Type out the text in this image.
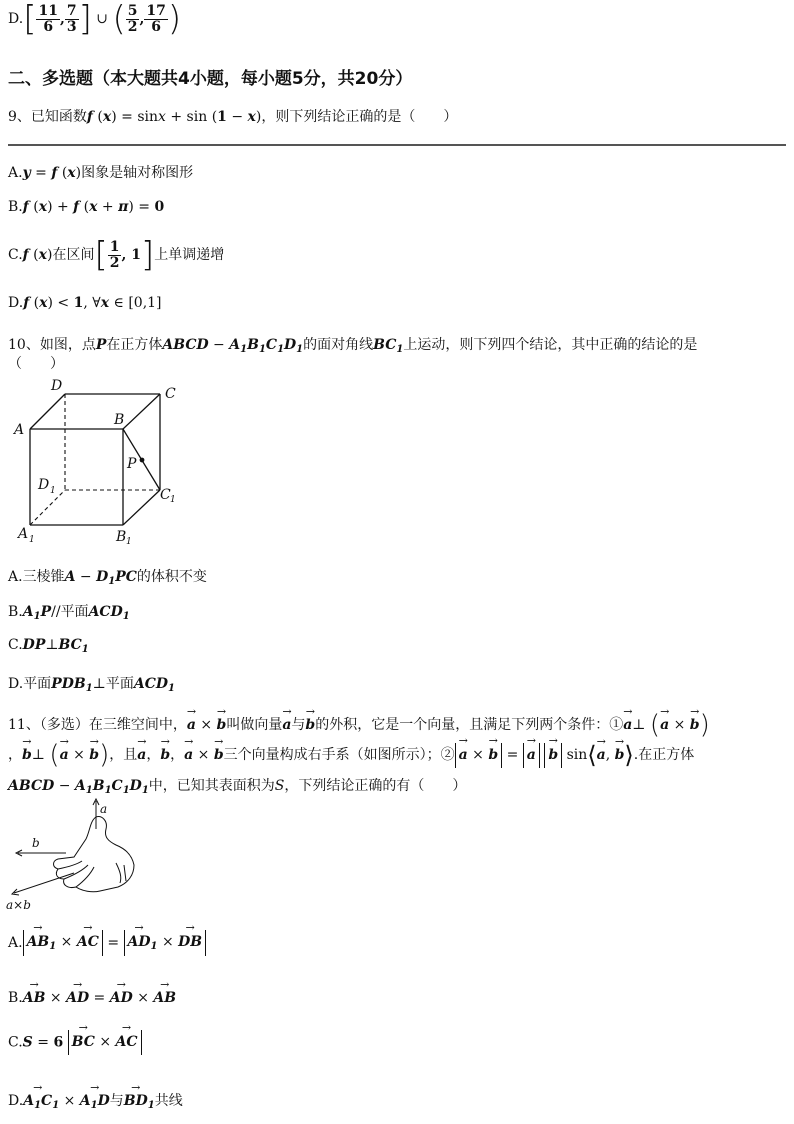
$D.[ \frac{11}{6}$ , $\frac{7}{3}$ ] ∪ ( $\frac{5}{2}$ , $\frac{17}{6}$ )
二、多选题（本大题共4小题，每小题5分，共20分）
9、已知函数f (x) = sinx + sin (1 − x)，则下列结论正确的是（　　）
A.y = f (x)图象是轴对称图形
B.f (x) + f (x + π) = 0
C.f (x)在区间[ $\frac{1}{2}$ , 1]上单调递增
D.f (x) < 1, ∀x ∈ [0,1]
10、如图，点P在正方体ABCD − $A_1B_1C_1D_1$的面对角线$BC_1$上运动，则下列四个结论，其中正确的结论的是
（　　）
D	C
A
B
P
D 1	C 1
A 1	B 1
A.三棱锥$A - D_1PC$的体积不变
$B.A_1P//$平面$ACD_1$
$C.DP\perp BC_1$
D.平面$PDB_1\perp$平面$ACD_1$
11、（多选）在三维空间中，→ a × → b叫做向量→ a与→ b的外积，它是一个向量，且满足下列两个条件：①→ a⊥ (→ a × → b)
，→ b⊥ (→ a × → b)，且→ a，→ b，→ a × → b三个向量构成右手系（如图所示）；②→ a × → b = → a → b sin⟨→ a, → b⟩.在正方体
ABCD − $A_1B_1C_1D_1$中，已知其表面积为S，下列结论正确的有（　　）
a
b
a×b
$A.\to AB_1$ × → AC = → $AD_1$ × → DB
B.→ AB × → AD = → AD × → AB
C.S = 6 → BC × → AC
$D.\to A_1C_1$ × → $A_1D$与→ $BD_1$共线
